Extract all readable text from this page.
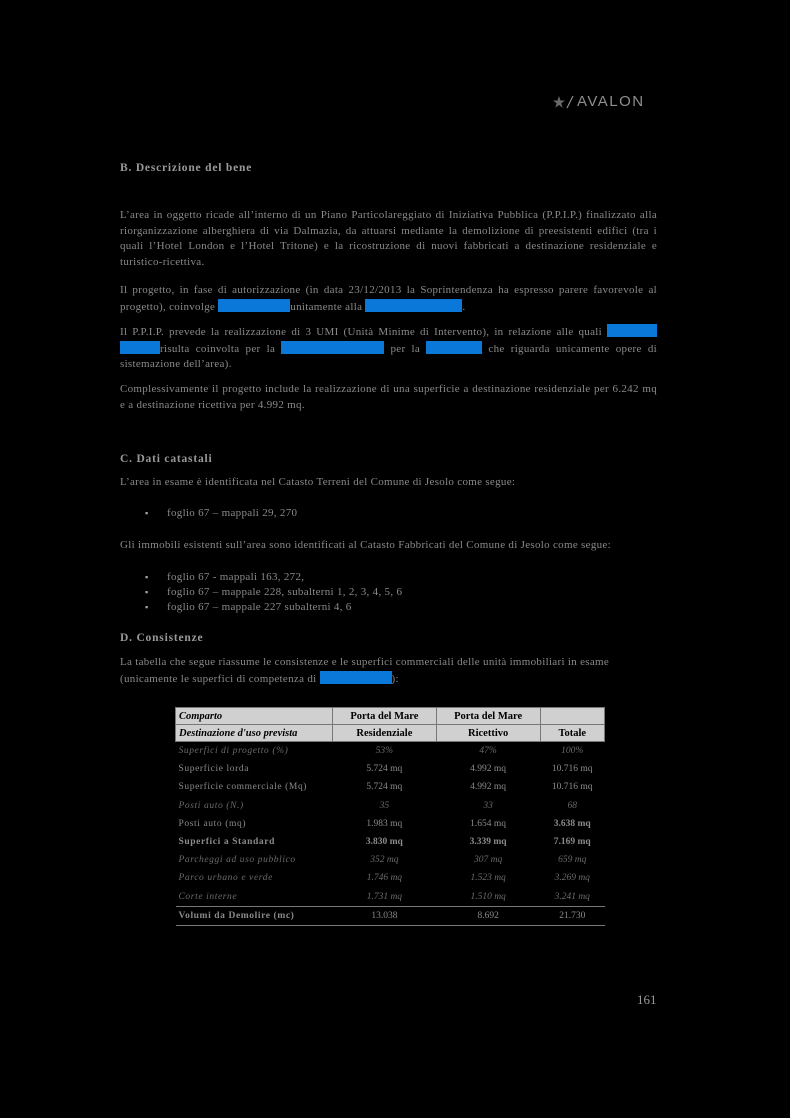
AVALON
B. Descrizione del bene
L’area in oggetto ricade all’interno di un Piano Particolareggiato di Iniziativa Pubblica (P.P.I.P.) finalizzato alla riorganizzazione alberghiera di via Dalmazia, da attuarsi mediante la demolizione di preesistenti edifici (tra i quali l’Hotel London e l’Hotel Tritone) e la ricostruzione di nuovi fabbricati a destinazione residenziale e turistico-ricettiva.
Il progetto, in fase di autorizzazione (in data 23/12/2013 la Soprintendenza ha espresso parere favorevole al progetto), coinvolge	unitamente alla	.
Il P.P.I.P. prevede la realizzazione di 3 UMI (Unità Minime di Intervento), in relazione alle quali  risulta coinvolta per la	per la	che riguarda unicamente opere di sistemazione dell’area).
Complessivamente il progetto include la realizzazione di una superficie a destinazione residenziale per 6.242 mq e a destinazione ricettiva per 4.992 mq.
C. Dati catastali
L’area in esame è identificata nel Catasto Terreni del Comune di Jesolo come segue:
▪ foglio 67 – mappali 29, 270
Gli immobili esistenti sull’area sono identificati al Catasto Fabbricati del Comune di Jesolo come segue:
▪ foglio 67 - mappali 163, 272,
▪ foglio 67 – mappale 228, subalterni 1, 2, 3, 4, 5, 6
▪ foglio 67 – mappale 227 subalterni 4, 6
D. Consistenze
La tabella che segue riassume le consistenze e le superfici commerciali delle unità immobiliari in esame (unicamente le superfici di competenza di	):
Comparto	Porta del Mare	Porta del Mare	
Destinazione d'uso prevista	Residenziale	Ricettivo	Totale
Superfici di progetto (%)	53%	47%	100%
Superficie lorda	5.724 mq	4.992 mq	10.716 mq
Superficie commerciale (Mq)	5.724 mq	4.992 mq	10.716 mq
Posti auto (N.)	35	33	68
Posti auto (mq)	1.983 mq	1.654 mq	3.638 mq
Superfici a Standard	3.830 mq	3.339 mq	7.169 mq
Parcheggi ad uso pubblico	352 mq	307 mq	659 mq
Parco urbano e verde	1.746 mq	1.523 mq	3.269 mq
Corte interne	1.731 mq	1.510 mq	3.241 mq
Volumi da Demolire (mc)	13.038	8.692	21.730
161
